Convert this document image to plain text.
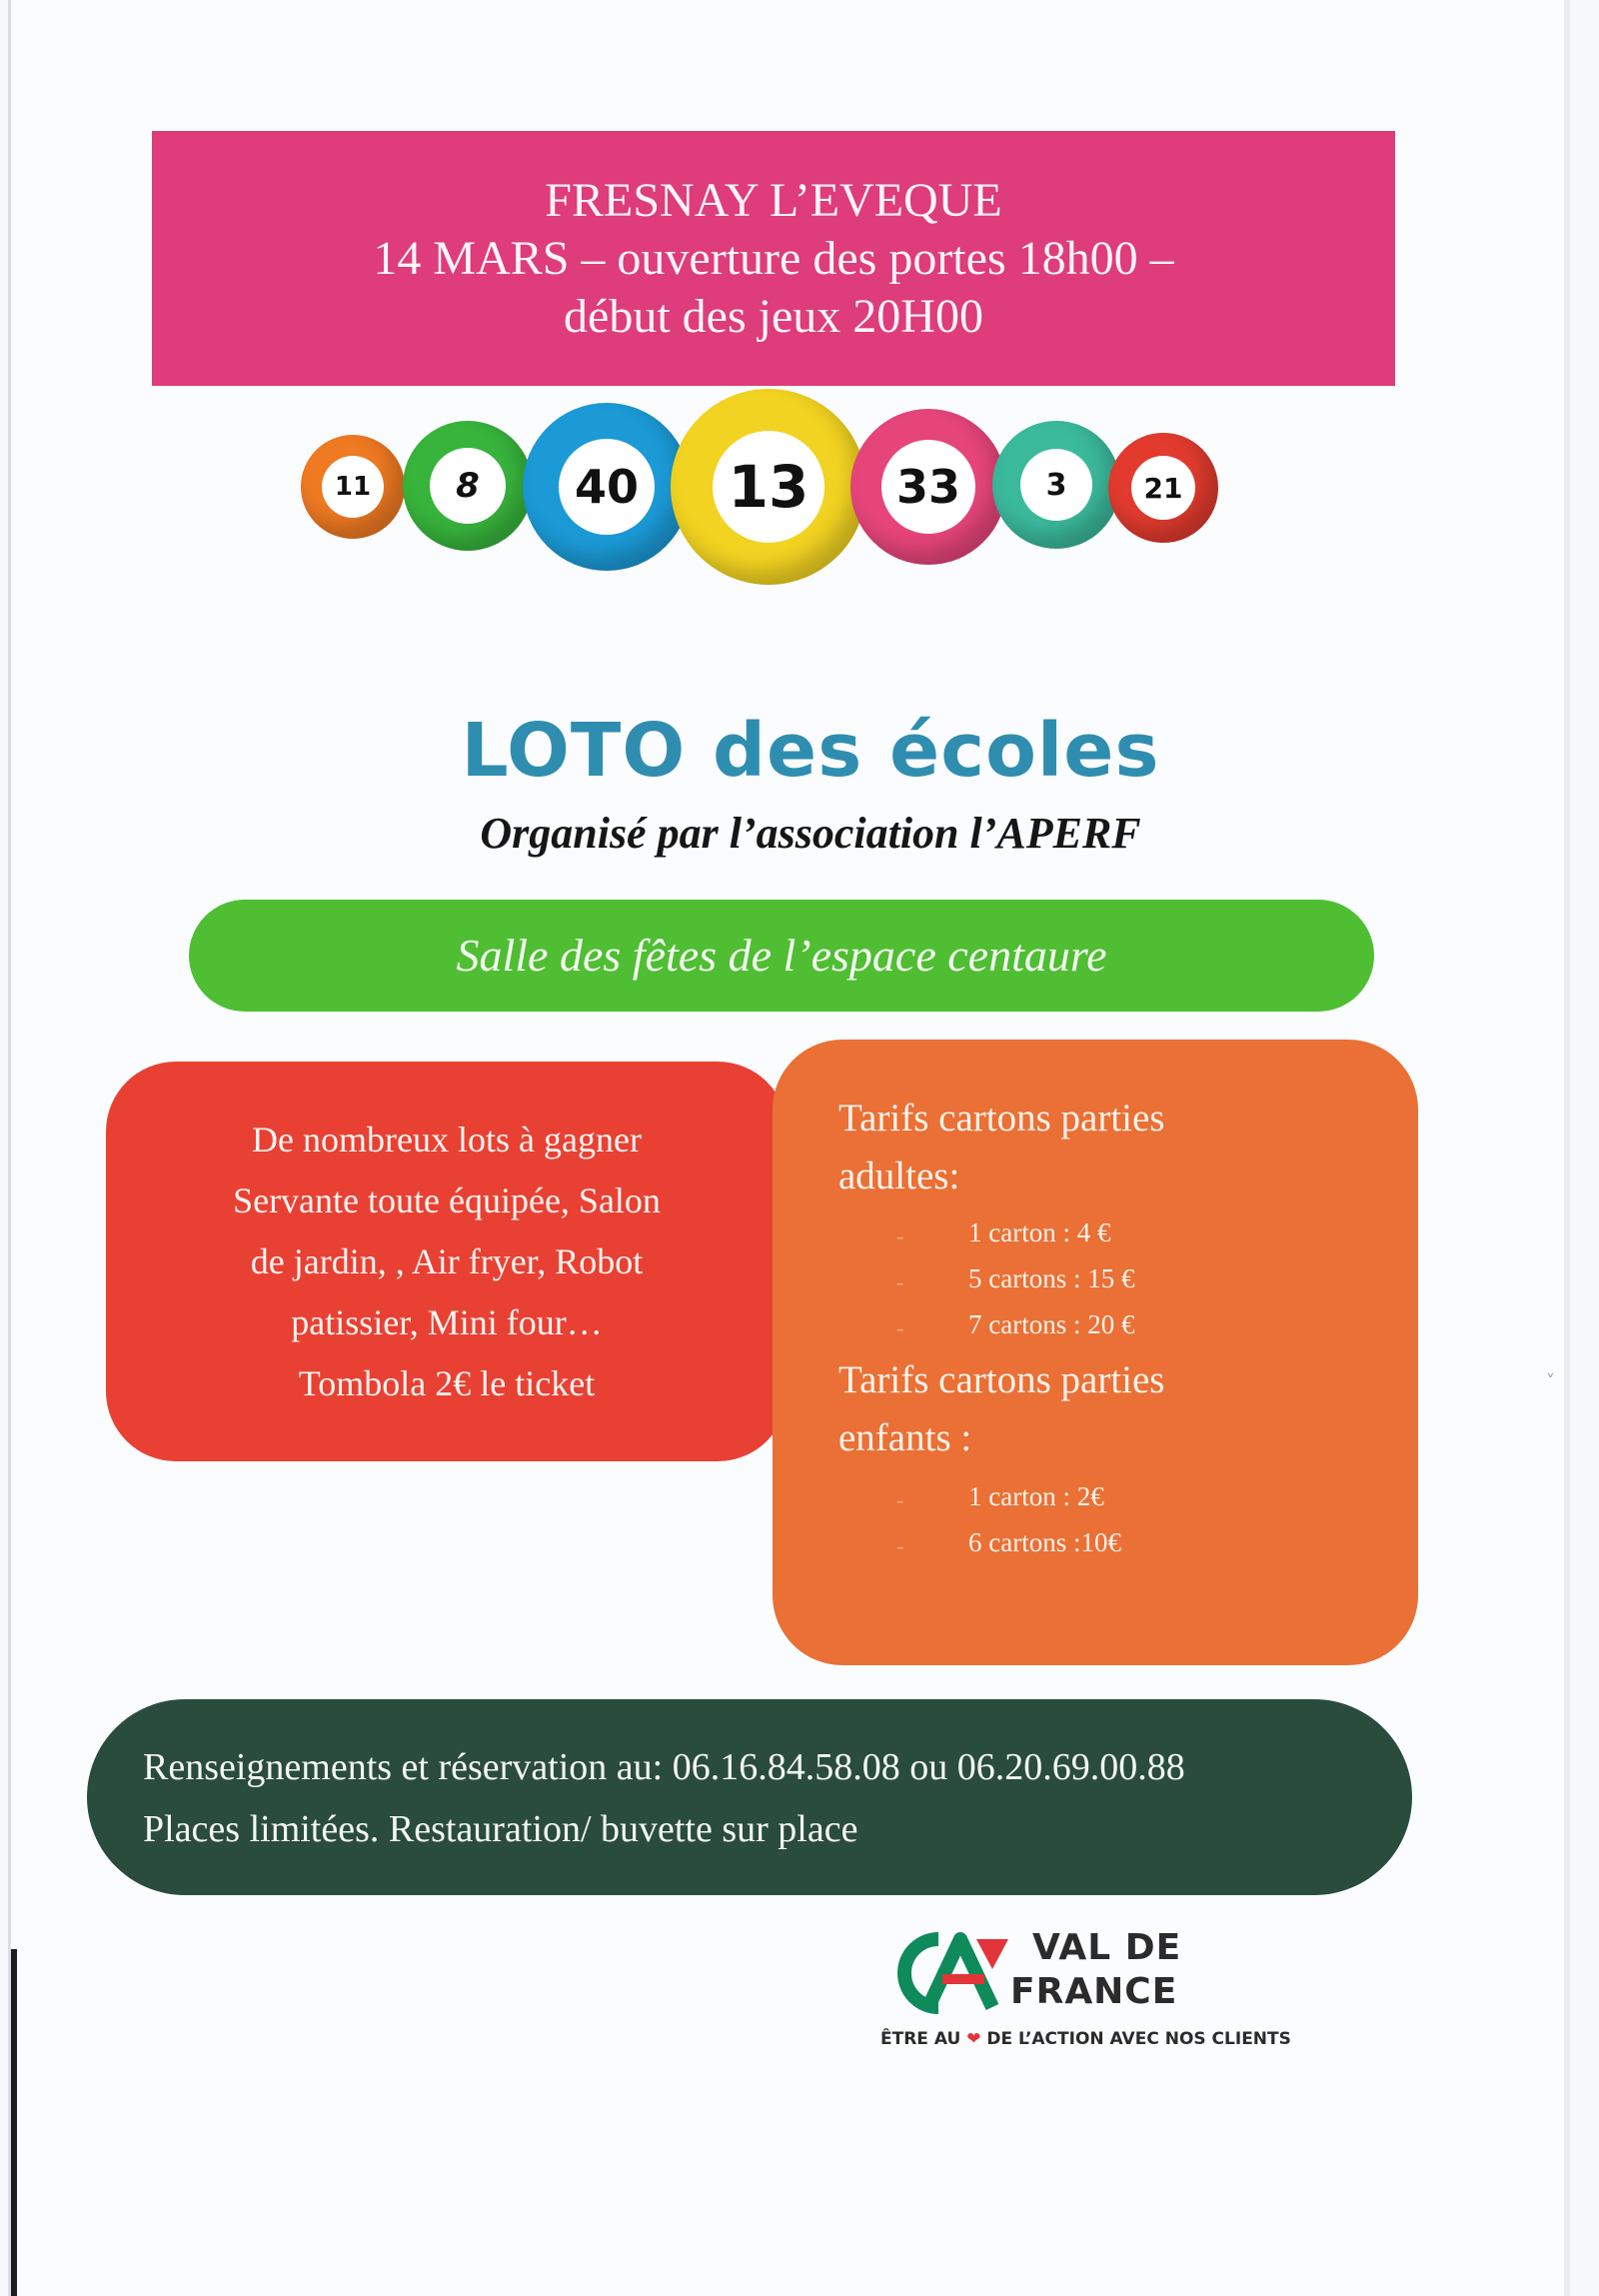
FRESNAY L’EVEQUE
14 MARS – ouverture des portes 18h00 –
début des jeux 20H00
11	8	40 13	33	3	21
LOTO des écoles
Organisé par l’association l’APERF
Salle des fêtes de l’espace centaure
De nombreux lots à gagner
Servante toute équipée, Salon
de jardin, , Air fryer, Robot
patissier, Mini four…
Tombola 2€ le ticket
Tarifs cartons parties
adultes:
- 1 carton : 4 €
- 5 cartons : 15 €
- 7 cartons : 20 €
Tarifs cartons parties
enfants :
- 1 carton : 2€
- 6 cartons :10€
Renseignements et réservation au: 06.16.84.58.08 ou 06.20.69.00.88
Places limitées. Restauration/ buvette sur place
VAL DE
FRANCE
ÊTRE AU ❤ DE L’ACTION AVEC NOS CLIENTS
˅
